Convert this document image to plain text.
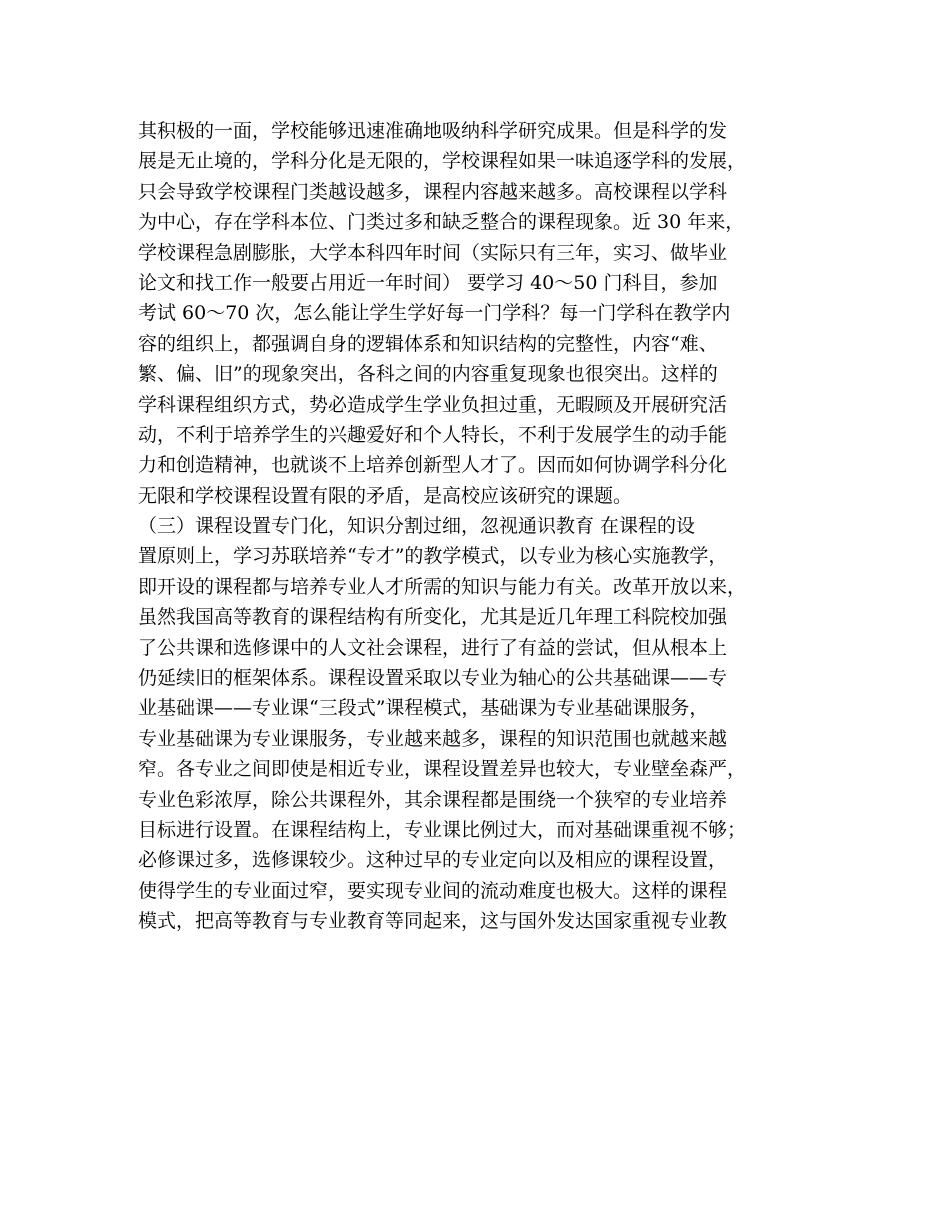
其积极的一面，学校能够迅速准确地吸纳科学研究成果。但是科学的发
展是无止境的，学科分化是无限的，学校课程如果一味追逐学科的发展，
只会导致学校课程门类越设越多，课程内容越来越多。高校课程以学科
为中心，存在学科本位、门类过多和缺乏整合的课程现象。近 30 年来，
学校课程急剧膨胀，大学本科四年时间（实际只有三年，实习、做毕业
论文和找工作一般要占用近一年时间） 要学习 40～50 门科目，参加
考试 60～70 次，怎么能让学生学好每一门学科？每一门学科在教学内
容的组织上，都强调自身的逻辑体系和知识结构的完整性，内容“难、
繁、偏、旧”的现象突出，各科之间的内容重复现象也很突出。这样的
学科课程组织方式，势必造成学生学业负担过重，无暇顾及开展研究活
动，不利于培养学生的兴趣爱好和个人特长，不利于发展学生的动手能
力和创造精神，也就谈不上培养创新型人才了。因而如何协调学科分化
无限和学校课程设置有限的矛盾，是高校应该研究的课题。
（三）课程设置专门化，知识分割过细，忽视通识教育 在课程的设
置原则上，学习苏联培养“专才”的教学模式，以专业为核心实施教学，
即开设的课程都与培养专业人才所需的知识与能力有关。改革开放以来，
虽然我国高等教育的课程结构有所变化，尤其是近几年理工科院校加强
了公共课和选修课中的人文社会课程，进行了有益的尝试，但从根本上
仍延续旧的框架体系。课程设置采取以专业为轴心的公共基础课——专
业基础课——专业课“三段式”课程模式，基础课为专业基础课服务，
专业基础课为专业课服务，专业越来越多，课程的知识范围也就越来越
窄。各专业之间即使是相近专业，课程设置差异也较大，专业壁垒森严，
专业色彩浓厚，除公共课程外，其余课程都是围绕一个狭窄的专业培养
目标进行设置。在课程结构上，专业课比例过大，而对基础课重视不够；
必修课过多，选修课较少。这种过早的专业定向以及相应的课程设置，
使得学生的专业面过窄，要实现专业间的流动难度也极大。这样的课程
模式，把高等教育与专业教育等同起来，这与国外发达国家重视专业教
